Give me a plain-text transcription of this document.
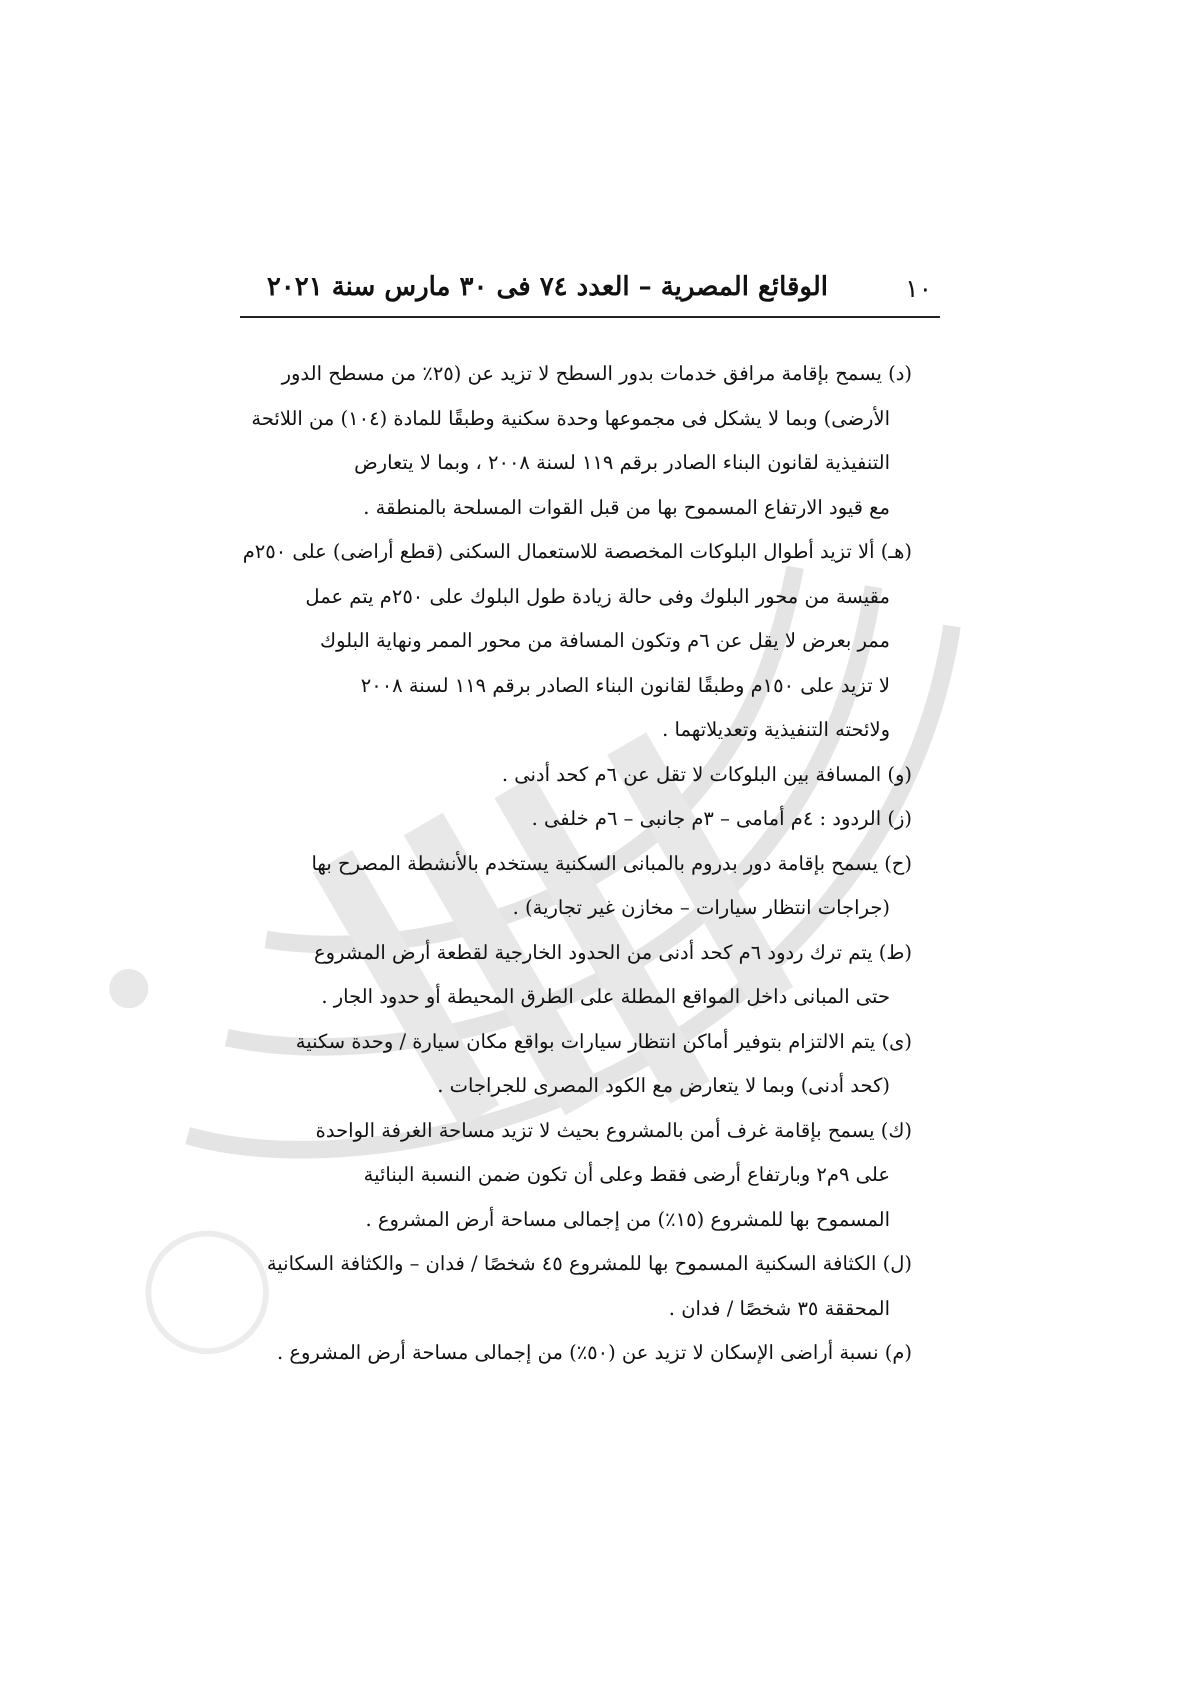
١٠
الوقائع المصرية – العدد ٧٤ فى ٣٠ مارس سنة ٢٠٢١
(د) يسمح بإقامة مرافق خدمات بدور السطح لا تزيد عن (٢٥٪ من مسطح الدور
الأرضى) وبما لا يشكل فى مجموعها وحدة سكنية وطبقًا للمادة (١٠٤) من اللائحة
التنفيذية لقانون البناء الصادر برقم ١١٩ لسنة ٢٠٠٨ ، وبما لا يتعارض
مع قيود الارتفاع المسموح بها من قبل القوات المسلحة بالمنطقة .
(هـ) ألا تزيد أطوال البلوكات المخصصة للاستعمال السكنى (قطع أراضى) على ٢٥٠م
مقيسة من محور البلوك وفى حالة زيادة طول البلوك على ٢٥٠م يتم عمل
ممر بعرض لا يقل عن ٦م وتكون المسافة من محور الممر ونهاية البلوك
لا تزيد على ١٥٠م وطبقًا لقانون البناء الصادر برقم ١١٩ لسنة ٢٠٠٨
ولائحته التنفيذية وتعديلاتهما .
(و) المسافة بين البلوكات لا تقل عن ٦م كحد أدنى .
(ز) الردود : ٤م أمامى – ٣م جانبى – ٦م خلفى .
(ح) يسمح بإقامة دور بدروم بالمبانى السكنية يستخدم بالأنشطة المصرح بها
(جراجات انتظار سيارات – مخازن غير تجارية) .
(ط) يتم ترك ردود ٦م كحد أدنى من الحدود الخارجية لقطعة أرض المشروع
حتى المبانى داخل المواقع المطلة على الطرق المحيطة أو حدود الجار .
(ى) يتم الالتزام بتوفير أماكن انتظار سيارات بواقع مكان سيارة / وحدة سكنية
(كحد أدنى) وبما لا يتعارض مع الكود المصرى للجراجات .
(ك) يسمح بإقامة غرف أمن بالمشروع بحيث لا تزيد مساحة الغرفة الواحدة
على ٩م٢ وبارتفاع أرضى فقط وعلى أن تكون ضمن النسبة البنائية
المسموح بها للمشروع (١٥٪) من إجمالى مساحة أرض المشروع .
(ل) الكثافة السكنية المسموح بها للمشروع ٤٥ شخصًا / فدان – والكثافة السكانية
المحققة ٣٥ شخصًا / فدان .
(م) نسبة أراضى الإسكان لا تزيد عن (٥٠٪) من إجمالى مساحة أرض المشروع .
